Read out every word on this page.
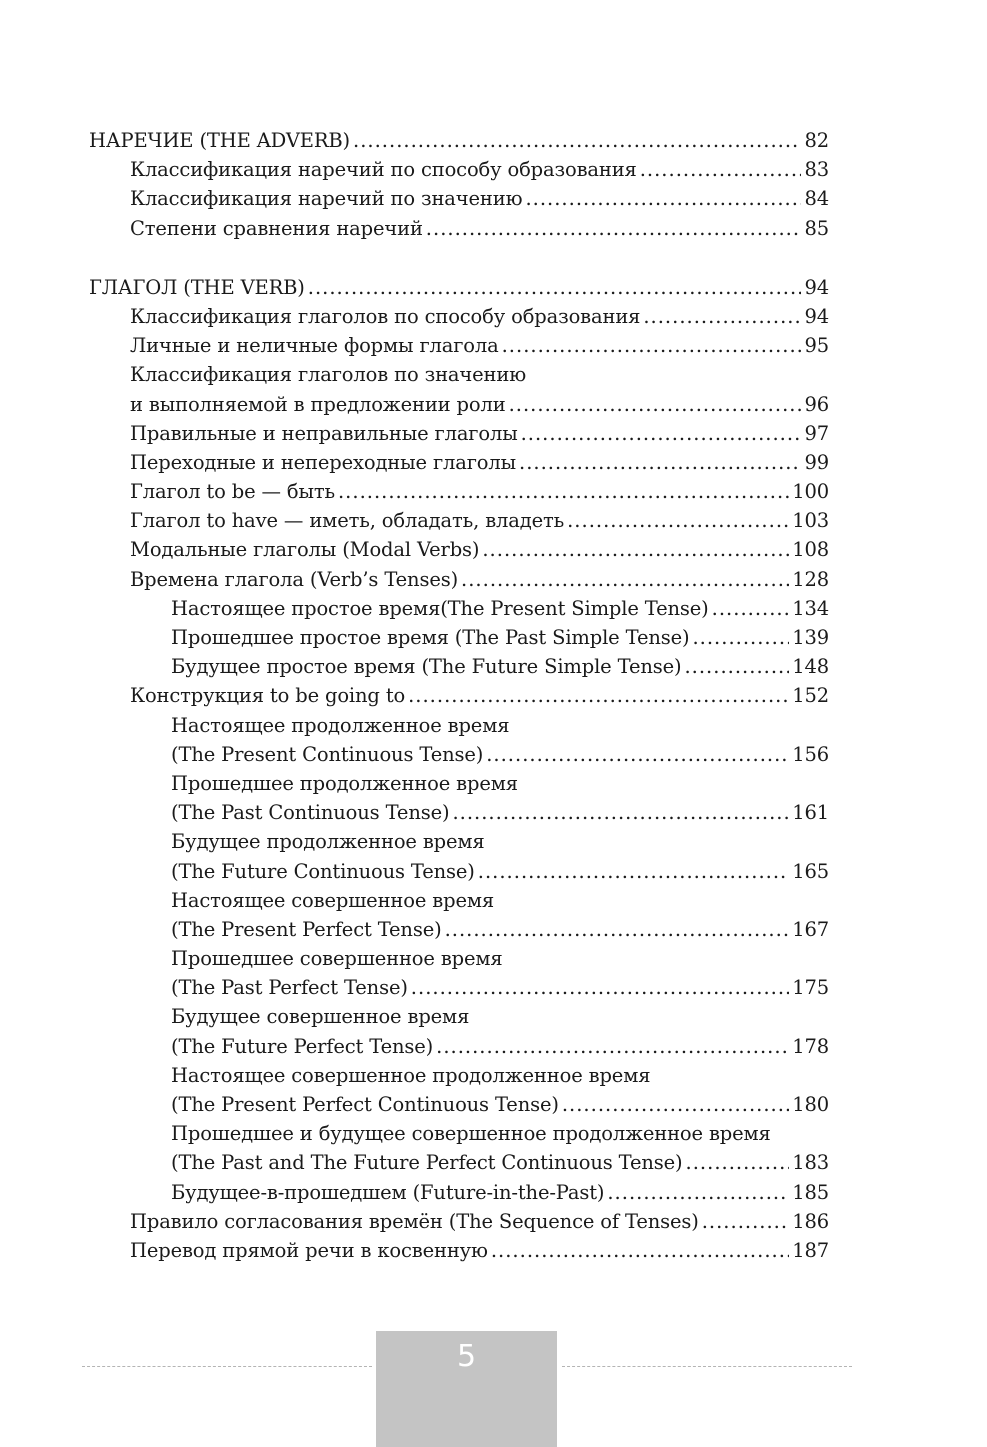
НАРЕЧИЕ (THE ADVERB) . . .	82
Классификация наречий по способу образования . . .	83
Классификация наречий по значению . . .	84
Степени сравнения наречий . . .	85
ГЛАГОЛ (THE VERB) . . .	94
Классификация глаголов по способу образования . . .	94
Личные и неличные формы глагола . . .	95
Классификация глаголов по значению
и выполняемой в предложении роли . . .	96
Правильные и неправильные глаголы . . .	97
Переходные и непереходные глаголы . . .	99
Глагол to be — быть . . .	100
Глагол to have — иметь, обладать, владеть . . .	103
Модальные глаголы (Modal Verbs) . . .	108
Времена глагола (Verb’s Tenses) . . .	128
Настоящее простое время(The Present Simple Tense) . . .	134
Прошедшее простое время (The Past Simple Tense) . . .	139
Будущее простое время (The Future Simple Tense) . . .	148
Конструкция to be going to . . .	152
Настоящее продолженное время
(The Present Continuous Tense) . . .	156
Прошедшее продолженное время
(The Past Continuous Tense) . . .	161
Будущее продолженное время
(The Future Continuous Tense) . . .	165
Настоящее совершенное время
(The Present Perfect Tense) . . .	167
Прошедшее совершенное время
(The Past Perfect Tense) . . .	175
Будущее совершенное время
(The Future Perfect Tense) . . .	178
Настоящее совершенное продолженное время
(The Present Perfect Continuous Tense) . . .	180
Прошедшее и будущее совершенное продолженное время
(The Past and The Future Perfect Continuous Tense) . . .	183
Будущее-в-прошедшем (Future-in-the-Past) . . .	185
Правило согласования времён (The Sequence of Tenses) . . .	186
Перевод прямой речи в косвенную . . .	187
5
